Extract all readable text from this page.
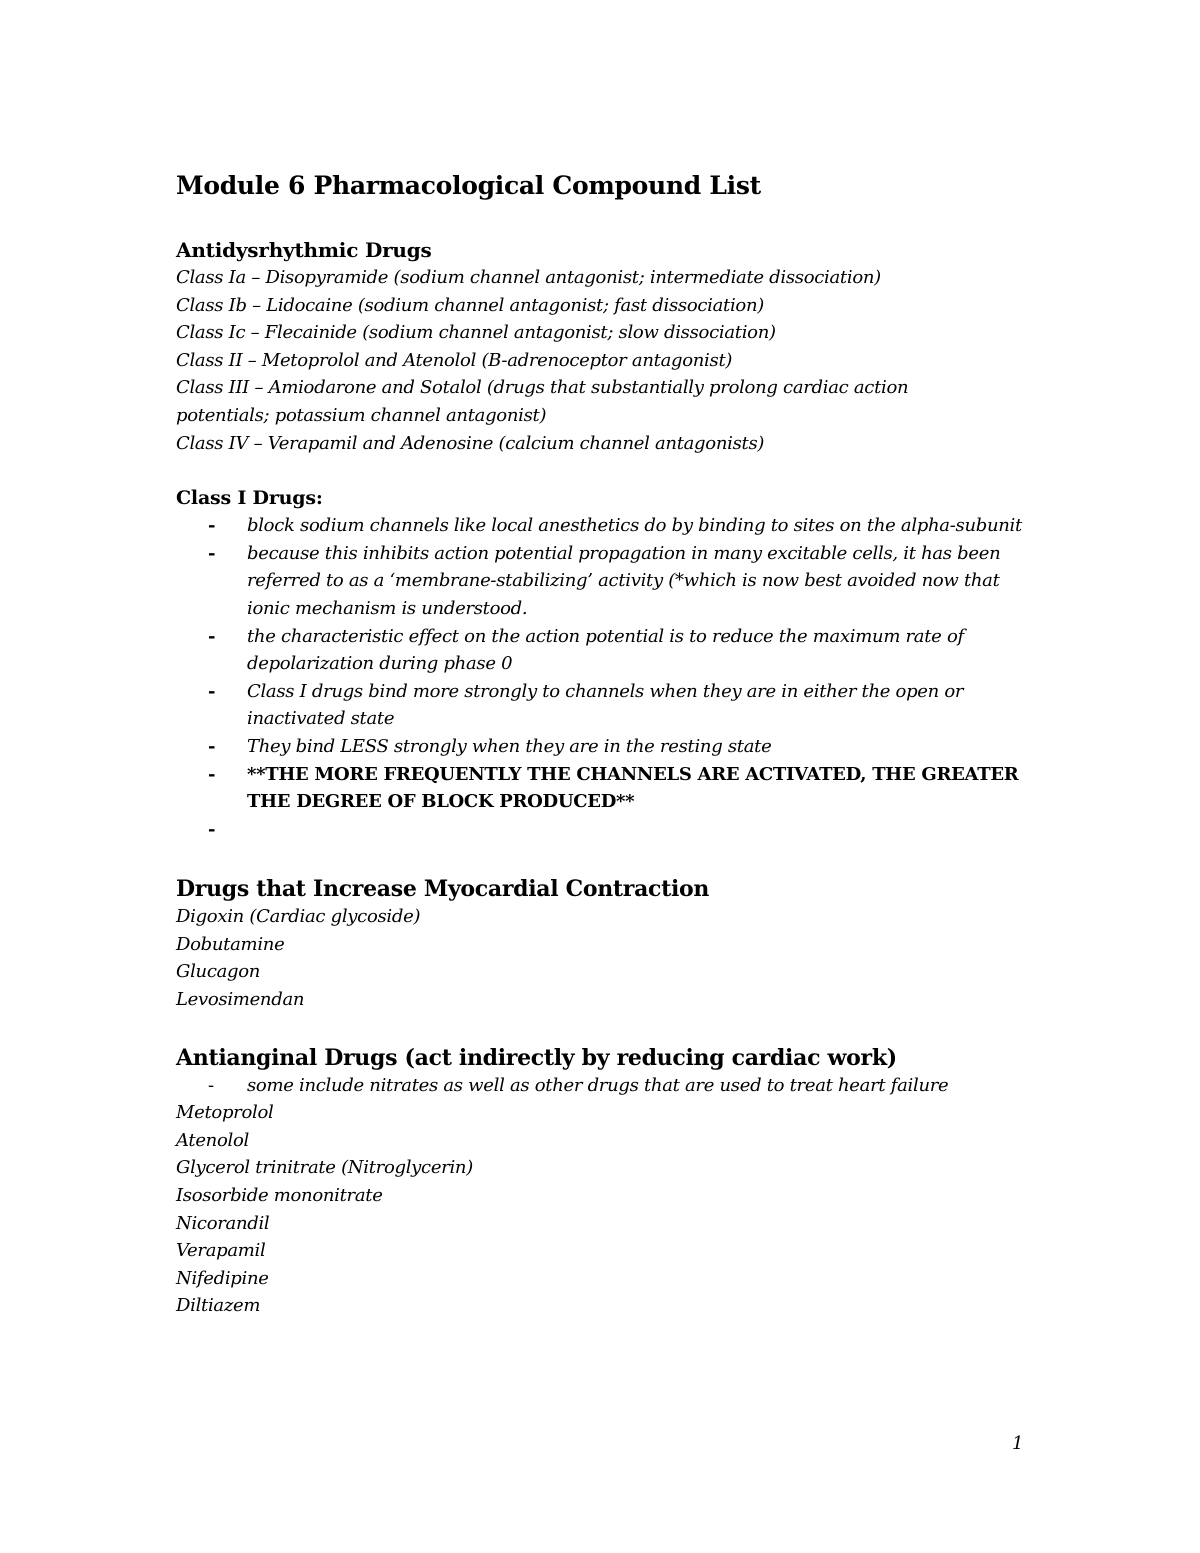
Module 6 Pharmacological Compound List
Antidysrhythmic Drugs

Class Ia – Disopyramide (sodium channel antagonist; intermediate dissociation)

Class Ib – Lidocaine (sodium channel antagonist; fast dissociation)

Class Ic – Flecainide (sodium channel antagonist; slow dissociation)

Class II – Metoprolol and Atenolol (B-adrenoceptor antagonist)

Class III – Amiodarone and Sotalol (drugs that substantially prolong cardiac action

potentials; potassium channel antagonist)

Class IV – Verapamil and Adenosine (calcium channel antagonists)

Class I Drugs:
- block sodium channels like local anesthetics do by binding to sites on the alpha-subunit
- because this inhibits action potential propagation in many excitable cells, it has been referred to as a ‘membrane-stabilizing’ activity (*which is now best avoided now that ionic mechanism is understood.
- the characteristic effect on the action potential is to reduce the maximum rate of depolarization during phase 0
- Class I drugs bind more strongly to channels when they are in either the open or inactivated state
- They bind LESS strongly when they are in the resting state
- **THE MORE FREQUENTLY THE CHANNELS ARE ACTIVATED, THE GREATER THE DEGREE OF BLOCK PRODUCED**
-

Drugs that Increase Myocardial Contraction

Digoxin (Cardiac glycoside)

Dobutamine

Glucagon

Levosimendan

Antianginal Drugs (act indirectly by reducing cardiac work)
- some include nitrates as well as other drugs that are used to treat heart failure

Metoprolol

Atenolol

Glycerol trinitrate (Nitroglycerin)

Isosorbide mononitrate

Nicorandil

Verapamil

Nifedipine

Diltiazem

1
